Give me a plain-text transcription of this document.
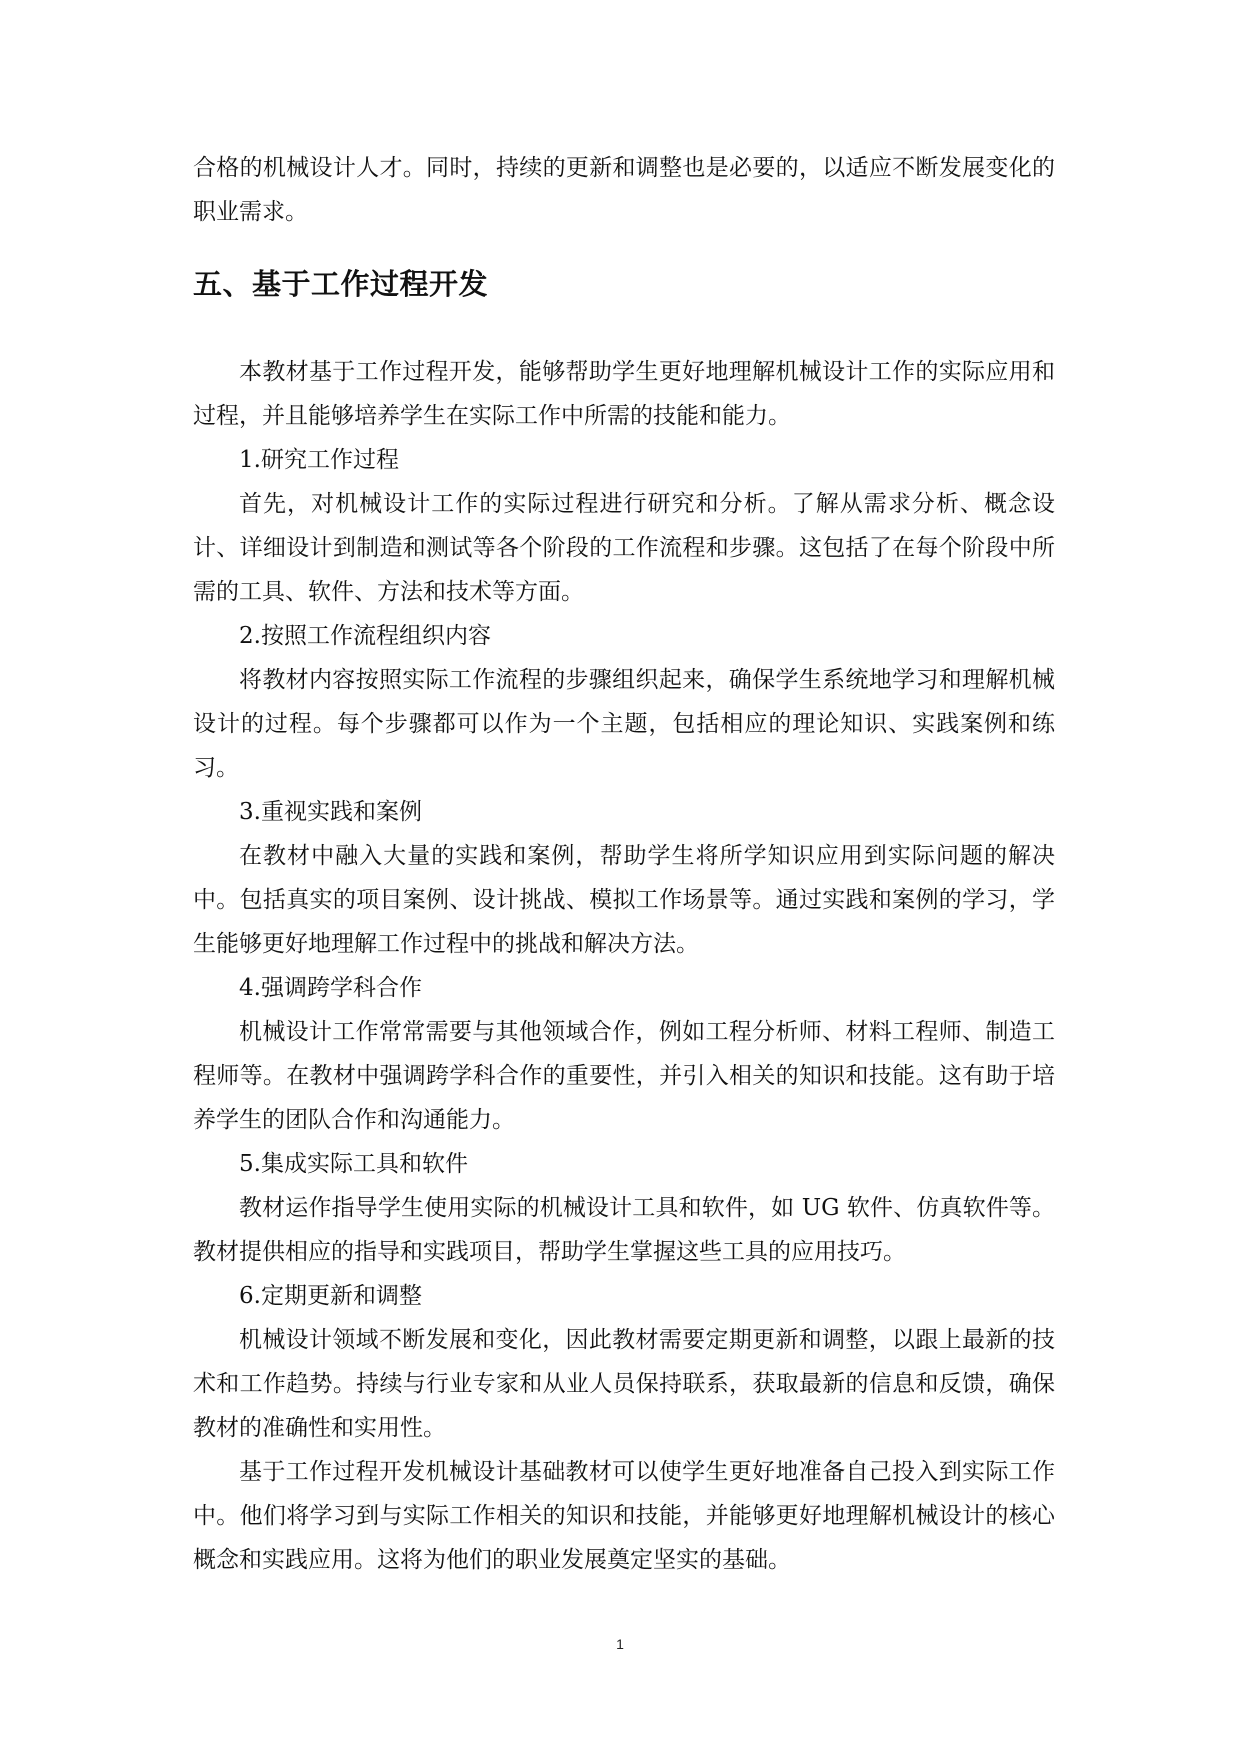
合格的机械设计人才。同时，持续的更新和调整也是必要的，以适应不断发展变化的职业需求。

五、基于工作过程开发

本教材基于工作过程开发，能够帮助学生更好地理解机械设计工作的实际应用和过程，并且能够培养学生在实际工作中所需的技能和能力。

1.研究工作过程

首先，对机械设计工作的实际过程进行研究和分析。了解从需求分析、概念设计、详细设计到制造和测试等各个阶段的工作流程和步骤。这包括了在每个阶段中所需的工具、软件、方法和技术等方面。

2.按照工作流程组织内容

将教材内容按照实际工作流程的步骤组织起来，确保学生系统地学习和理解机械设计的过程。每个步骤都可以作为一个主题，包括相应的理论知识、实践案例和练习。

3.重视实践和案例

在教材中融入大量的实践和案例，帮助学生将所学知识应用到实际问题的解决中。包括真实的项目案例、设计挑战、模拟工作场景等。通过实践和案例的学习，学生能够更好地理解工作过程中的挑战和解决方法。

4.强调跨学科合作

机械设计工作常常需要与其他领域合作，例如工程分析师、材料工程师、制造工程师等。在教材中强调跨学科合作的重要性，并引入相关的知识和技能。这有助于培养学生的团队合作和沟通能力。

5.集成实际工具和软件

教材运作指导学生使用实际的机械设计工具和软件，如 UG 软件、仿真软件等。教材提供相应的指导和实践项目，帮助学生掌握这些工具的应用技巧。

6.定期更新和调整

机械设计领域不断发展和变化，因此教材需要定期更新和调整，以跟上最新的技术和工作趋势。持续与行业专家和从业人员保持联系，获取最新的信息和反馈，确保教材的准确性和实用性。

基于工作过程开发机械设计基础教材可以使学生更好地准备自己投入到实际工作中。他们将学习到与实际工作相关的知识和技能，并能够更好地理解机械设计的核心概念和实践应用。这将为他们的职业发展奠定坚实的基础。

1
